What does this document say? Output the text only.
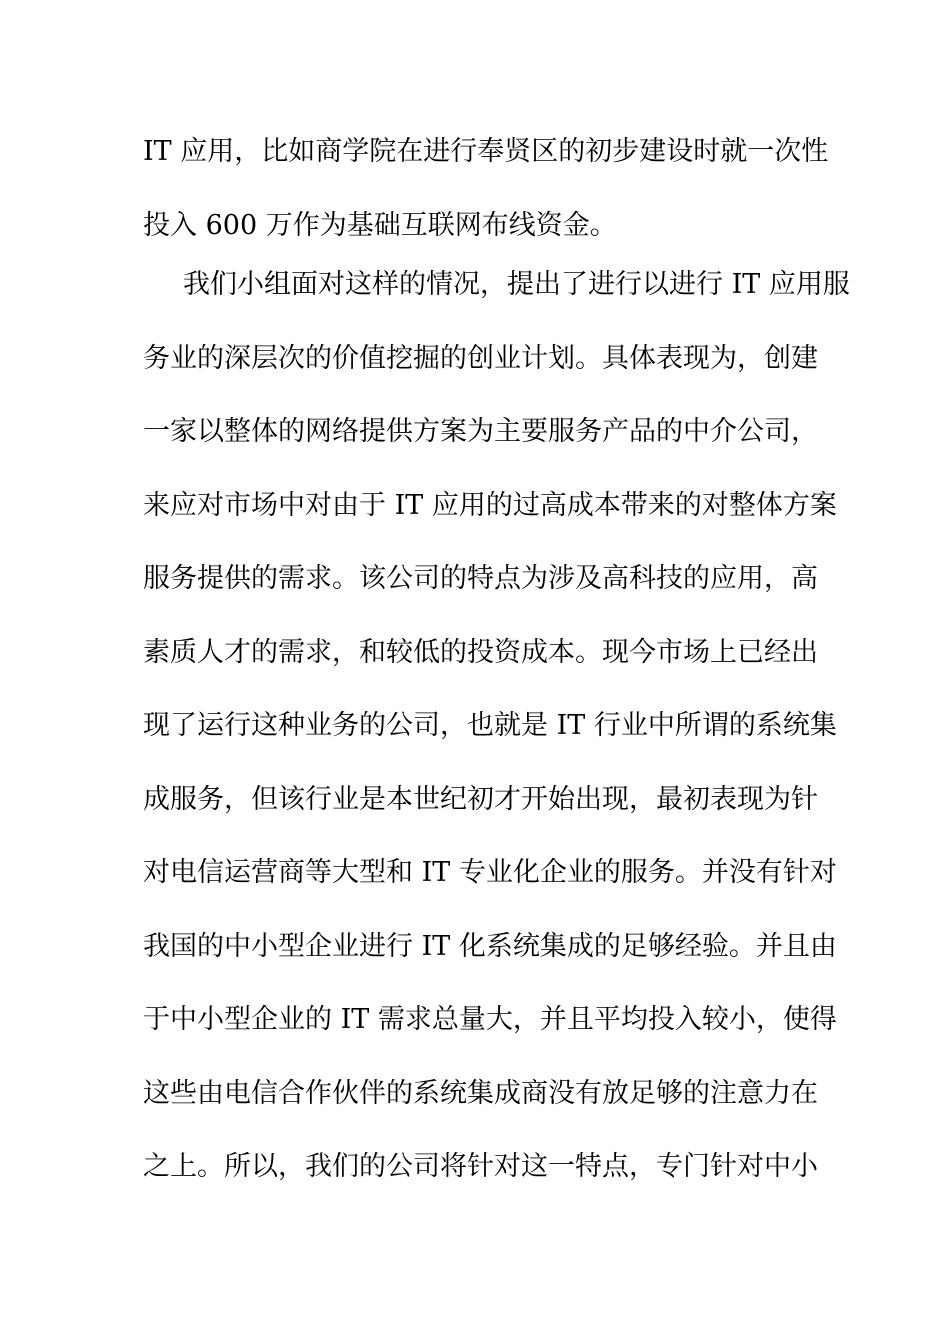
IT 应用，比如商学院在进行奉贤区的初步建设时就一次性
投入 600 万作为基础互联网布线资金。
我们小组面对这样的情况，提出了进行以进行 IT 应用服
务业的深层次的价值挖掘的创业计划。具体表现为，创建
一家以整体的网络提供方案为主要服务产品的中介公司，
来应对市场中对由于 IT 应用的过高成本带来的对整体方案
服务提供的需求。该公司的特点为涉及高科技的应用，高
素质人才的需求，和较低的投资成本。现今市场上已经出
现了运行这种业务的公司，也就是 IT 行业中所谓的系统集
成服务，但该行业是本世纪初才开始出现，最初表现为针
对电信运营商等大型和 IT 专业化企业的服务。并没有针对
我国的中小型企业进行 IT 化系统集成的足够经验。并且由
于中小型企业的 IT 需求总量大，并且平均投入较小，使得
这些由电信合作伙伴的系统集成商没有放足够的注意力在
之上。所以，我们的公司将针对这一特点，专门针对中小
